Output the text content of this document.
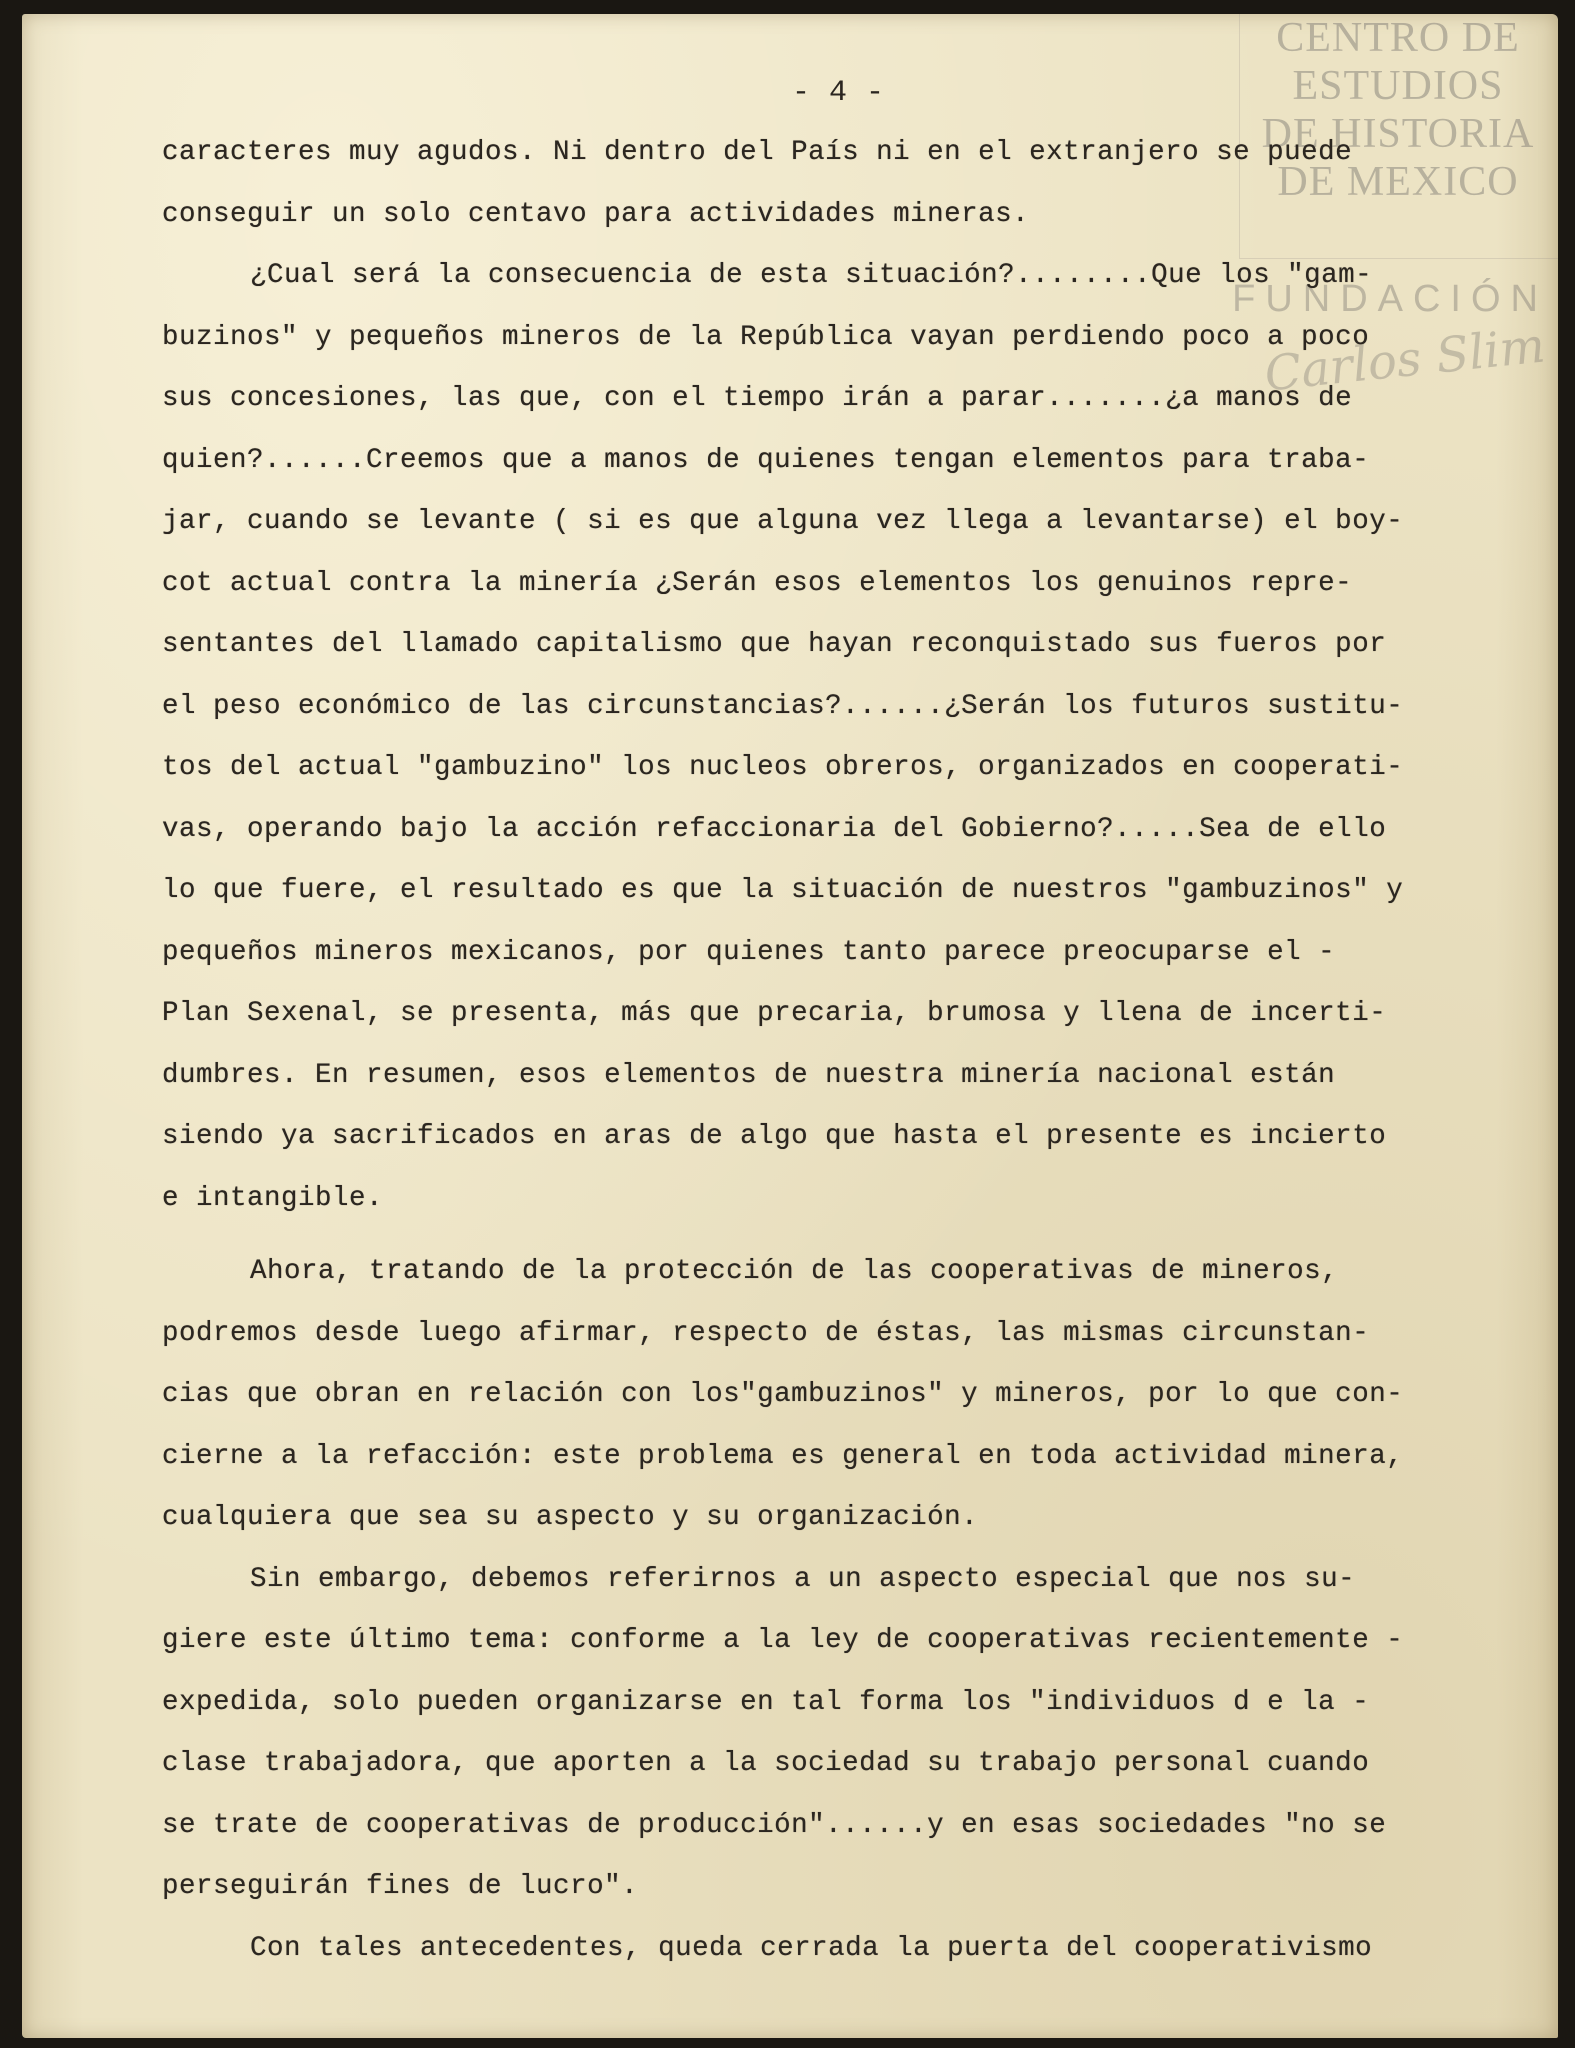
CENTRO DE
ESTUDIOS
DE HISTORIA
DE MEXICO
FUNDACIÓN
Carlos Slim
- 4 -
caracteres muy agudos. Ni dentro del País ni en el extranjero se puede
conseguir un solo centavo para actividades mineras.
¿Cual será la consecuencia de esta situación?........Que los "gam-
buzinos" y pequeños mineros de la República vayan perdiendo poco a poco
sus concesiones, las que, con el tiempo irán a parar.......¿a manos de
quien?......Creemos que a manos de quienes tengan elementos para traba-
jar, cuando se levante ( si es que alguna vez llega a levantarse) el boy-
cot actual contra la minería ¿Serán esos elementos los genuinos repre-
sentantes del llamado capitalismo que hayan reconquistado sus fueros por
el peso económico de las circunstancias?......¿Serán los futuros sustitu-
tos del actual "gambuzino" los nucleos obreros, organizados en cooperati-
vas, operando bajo la acción refaccionaria del Gobierno?.....Sea de ello
lo que fuere, el resultado es que la situación de nuestros "gambuzinos" y
pequeños mineros mexicanos, por quienes tanto parece preocuparse el -
Plan Sexenal, se presenta, más que precaria, brumosa y llena de incerti-
dumbres. En resumen, esos elementos de nuestra minería nacional están
siendo ya sacrificados en aras de algo que hasta el presente es incierto
e intangible.
Ahora, tratando de la protección de las cooperativas de mineros,
podremos desde luego afirmar, respecto de éstas, las mismas circunstan-
cias que obran en relación con los"gambuzinos" y mineros, por lo que con-
cierne a la refacción: este problema es general en toda actividad minera,
cualquiera que sea su aspecto y su organización.
Sin embargo, debemos referirnos a un aspecto especial que nos su-
giere este último tema: conforme a la ley de cooperativas recientemente -
expedida, solo pueden organizarse en tal forma los "individuos d e la -
clase trabajadora, que aporten a la sociedad su trabajo personal cuando
se trate de cooperativas de producción"......y en esas sociedades "no se
perseguirán fines de lucro".
Con tales antecedentes, queda cerrada la puerta del cooperativismo
